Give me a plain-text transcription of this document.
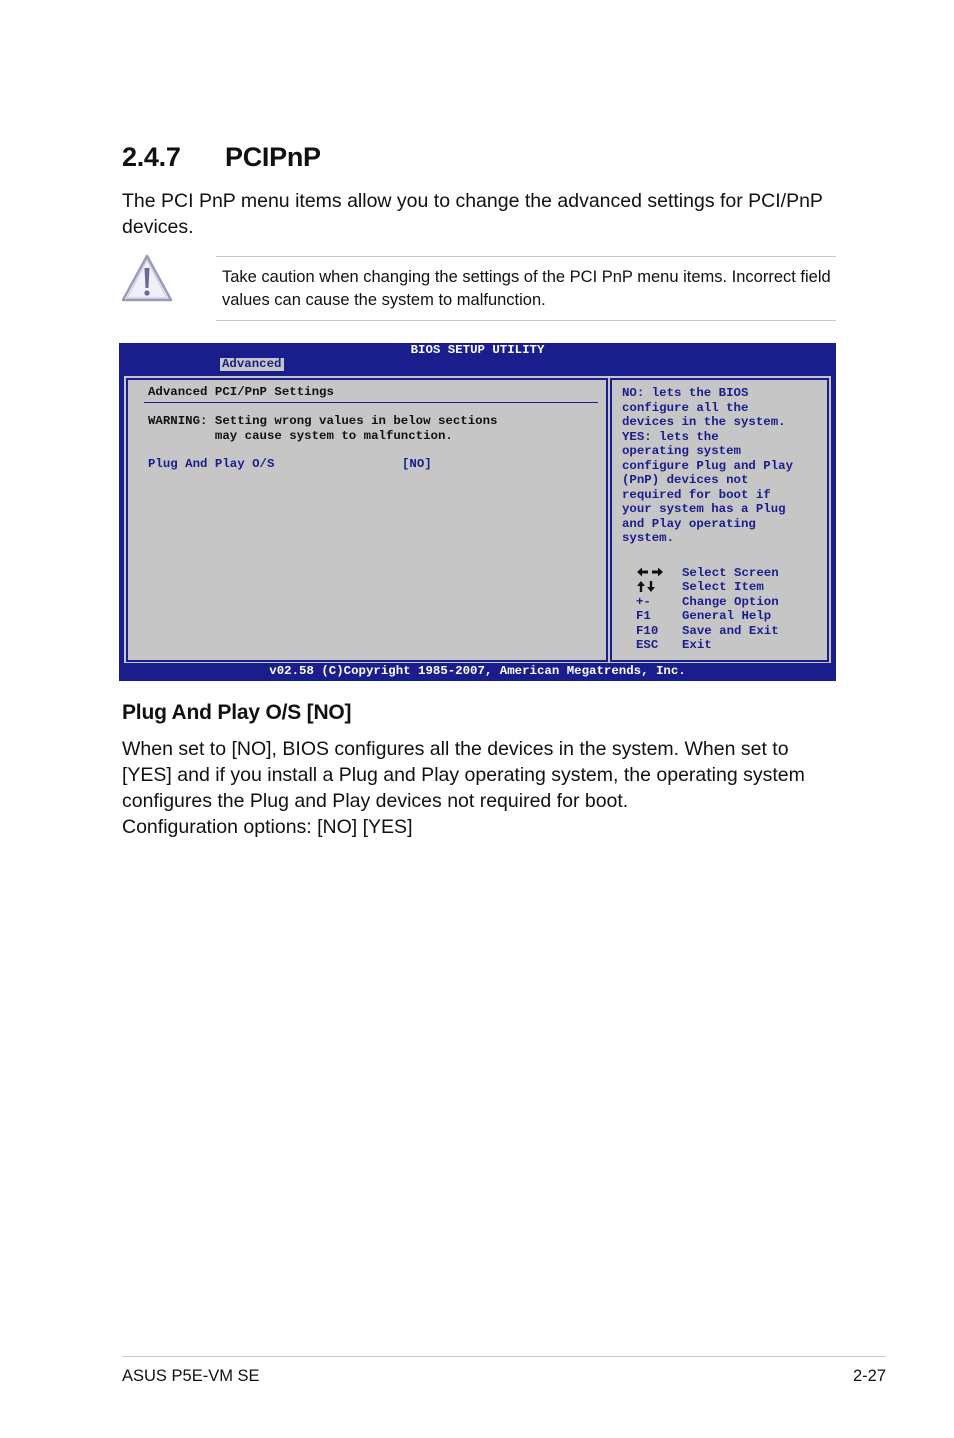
2.4.7 PCIPnP
The PCI PnP menu items allow you to change the advanced settings for PCI/PnP devices.
Take caution when changing the settings of the PCI PnP menu items. Incorrect field values can cause the system to malfunction.
BIOS SETUP UTILITY
Advanced
Advanced PCI/PnP Settings
WARNING: Setting wrong values in below sections
may cause system to malfunction.
Plug And Play O/S	[NO]
NO: lets the BIOS
configure all the
devices in the system.
YES: lets the
operating system
configure Plug and Play
(PnP) devices not
required for boot if
your system has a Plug
and Play operating
system.
Select Screen
Select Item
+-	Change Option
F1	General Help
F10	Save and Exit
ESC	Exit
v02.58 (C)Copyright 1985-2007, American Megatrends, Inc.
Plug And Play O/S [NO]
When set to [NO], BIOS configures all the devices in the system. When set to
[YES] and if you install a Plug and Play operating system, the operating system
configures the Plug and Play devices not required for boot.
Configuration options: [NO] [YES]
ASUS P5E-VM SE	2-27
